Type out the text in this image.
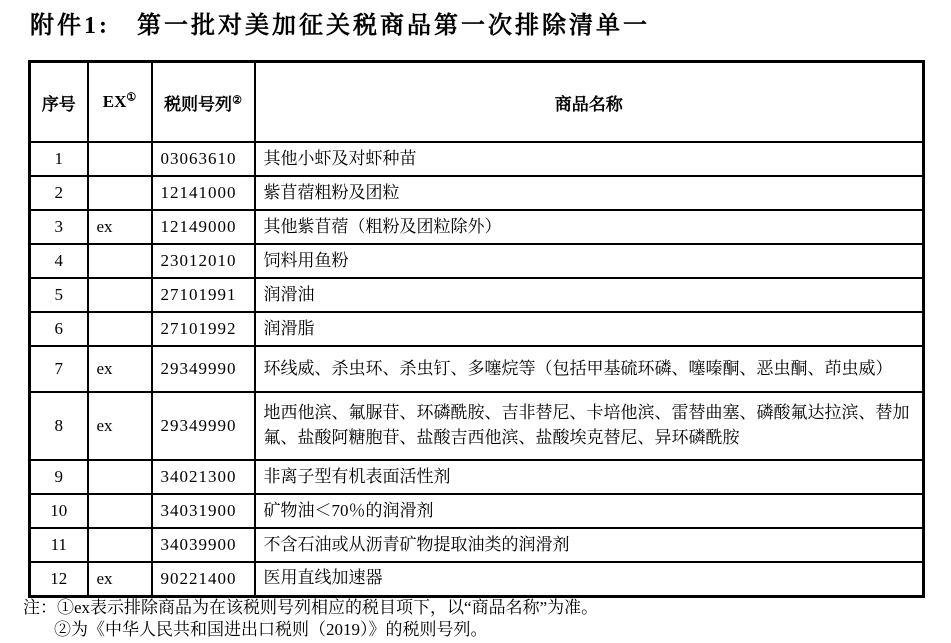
附件1:　第一批对美加征关税商品第一次排除清单一
序号	EX①	税则号列②	商品名称
1		03063610	其他小虾及对虾种苗
2		12141000	紫苜蓿粗粉及团粒
3	ex	12149000	其他紫苜蓿（粗粉及团粒除外）
4		23012010	饲料用鱼粉
5		27101991	润滑油
6		27101992	润滑脂
7	ex	29349990	环线威、杀虫环、杀虫钉、多噻烷等（包括甲基硫环磷、噻嗪酮、恶虫酮、茚虫威）
8	ex	29349990	地西他滨、氟脲苷、环磷酰胺、吉非替尼、卡培他滨、雷替曲塞、磷酸氟达拉滨、替加氟、盐酸阿糖胞苷、盐酸吉西他滨、盐酸埃克替尼、异环磷酰胺
9		34021300	非离子型有机表面活性剂
10		34031900	矿物油＜70％的润滑剂
11		34039900	不含石油或从沥青矿物提取油类的润滑剂
12	ex	90221400	医用直线加速器
注：①ex表示排除商品为在该税则号列相应的税目项下，以“商品名称”为准。
②为《中华人民共和国进出口税则（2019）》的税则号列。
